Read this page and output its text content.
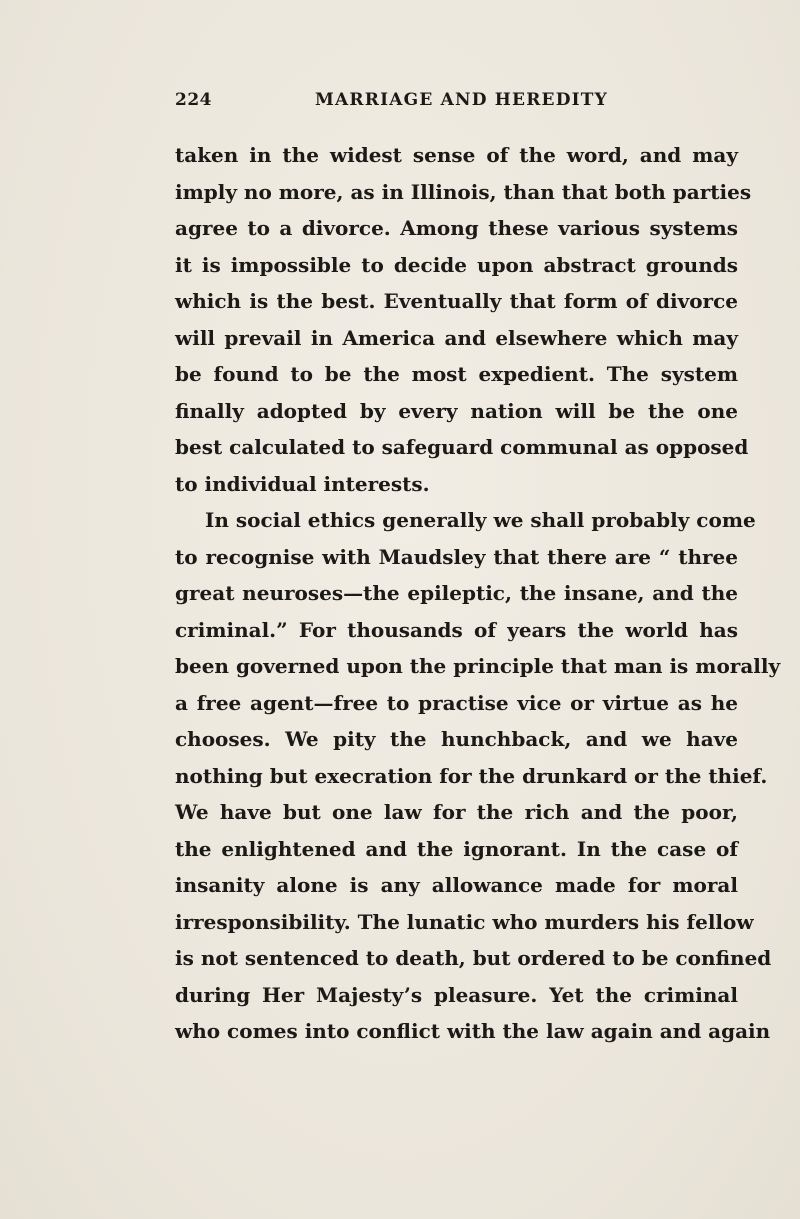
224	MARRIAGE AND HEREDITY
taken in the widest sense of the word, and may
imply no more, as in Illinois, than that both parties
agree to a divorce. Among these various systems
it is impossible to decide upon abstract grounds
which is the best. Eventually that form of divorce
will prevail in America and elsewhere which may
be found to be the most expedient. The system
finally adopted by every nation will be the one
best calculated to safeguard communal as opposed
to individual interests.
In social ethics generally we shall probably come
to recognise with Maudsley that there are “ three
great neuroses—the epileptic, the insane, and the
criminal.” For thousands of years the world has
been governed upon the principle that man is morally
a free agent—free to practise vice or virtue as he
chooses. We pity the hunchback, and we have
nothing but execration for the drunkard or the thief.
We have but one law for the rich and the poor,
the enlightened and the ignorant. In the case of
insanity alone is any allowance made for moral
irresponsibility. The lunatic who murders his fellow
is not sentenced to death, but ordered to be confined
during Her Majesty’s pleasure. Yet the criminal
who comes into conflict with the law again and again
